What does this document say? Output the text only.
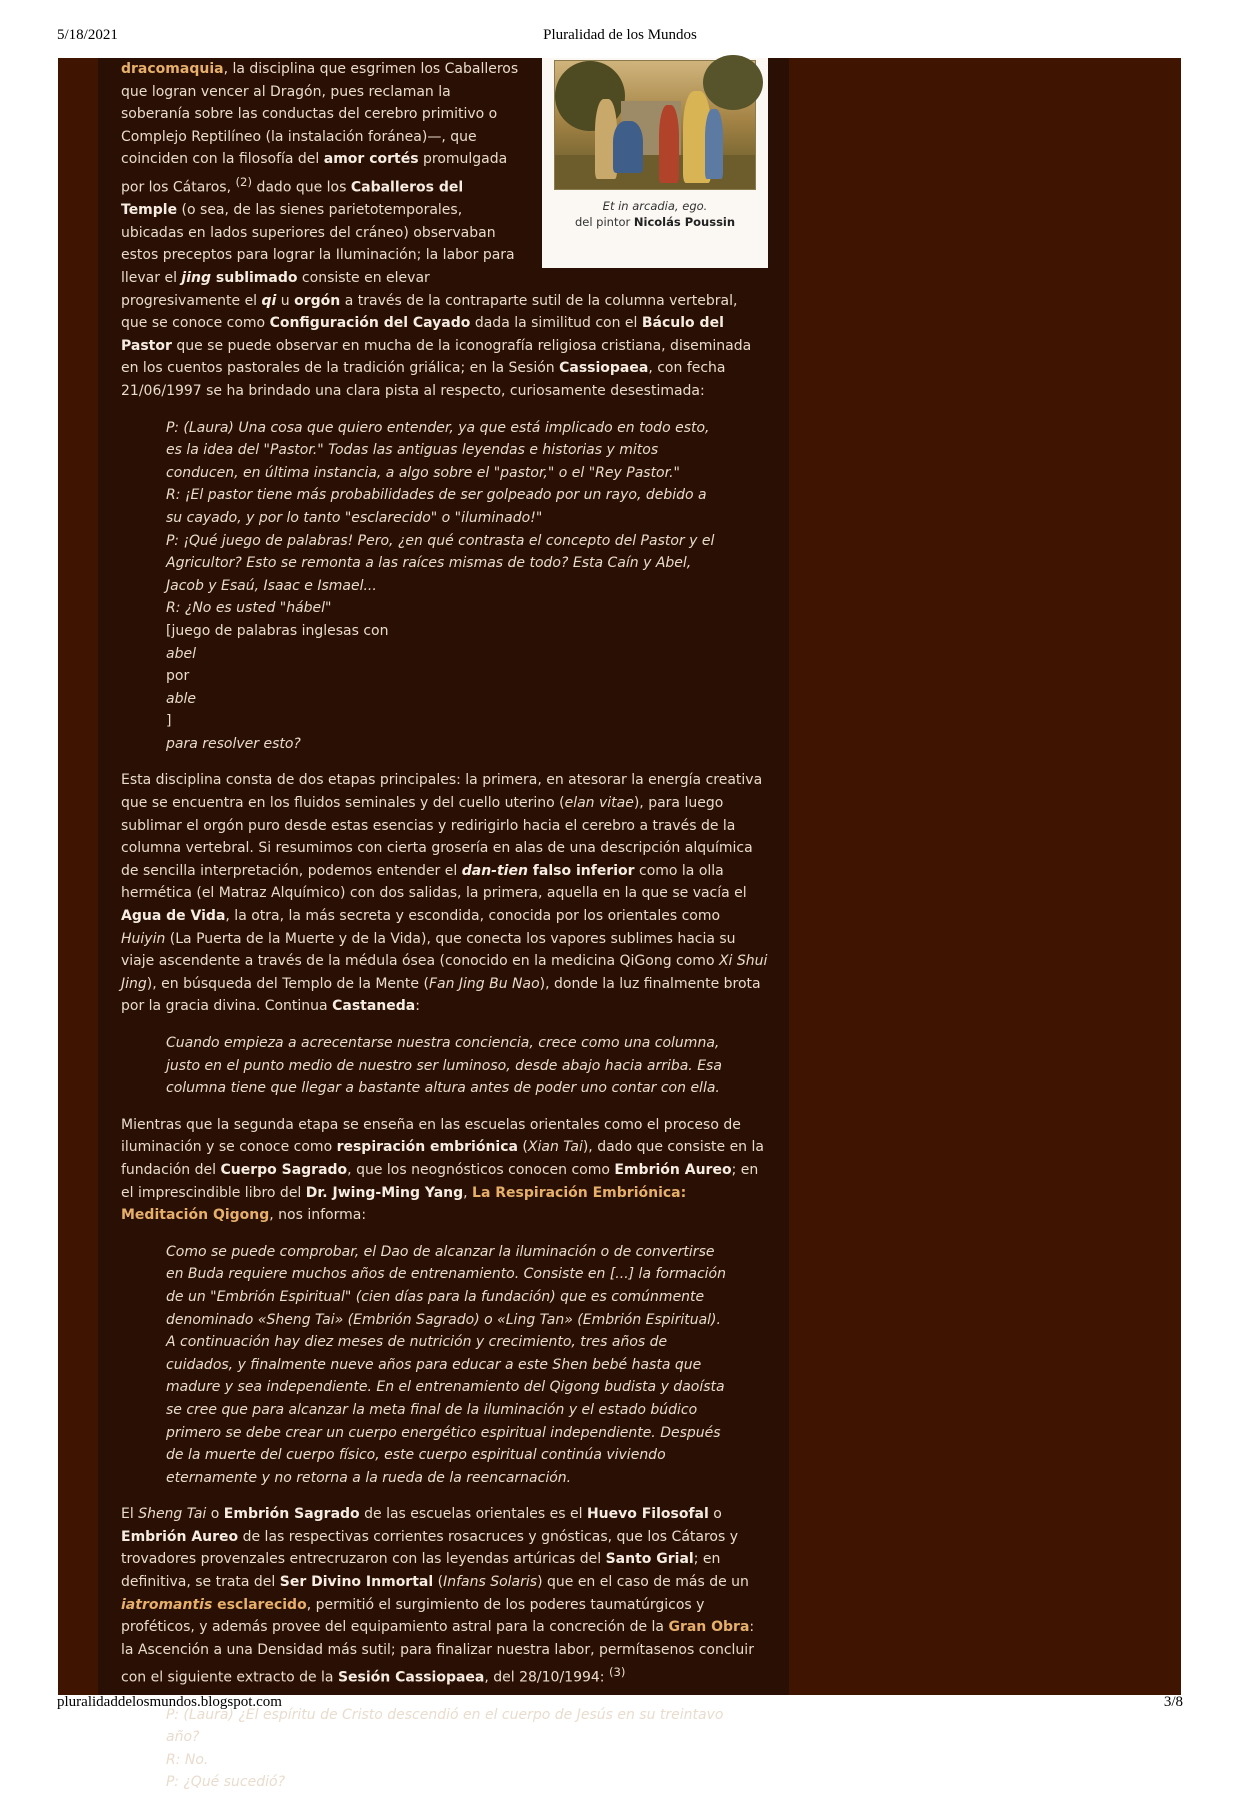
5/18/2021	Pluralidad de los Mundos
Et in arcadia, ego.
del pintor Nicolás Poussin

dracomaquia, la disciplina que esgrimen los Caballeros que logran vencer al Dragón, pues reclaman la soberanía sobre las conductas del cerebro primitivo o Complejo Reptilíneo (la instalación foránea)—, que coinciden con la filosofía del amor cortés promulgada por los Cátaros, $^{(2)}$ dado que los Caballeros del Temple (o sea, de las sienes parietotemporales, ubicadas en lados superiores del cráneo) observaban estos preceptos para lograr la Iluminación; la labor para llevar el jing sublimado consiste en elevar progresivamente el qi u orgón a través de la contraparte sutil de la columna vertebral, que se conoce como Configuración del Cayado dada la similitud con el Báculo del Pastor que se puede observar en mucha de la iconografía religiosa cristiana, diseminada en los cuentos pastorales de la tradición griálica; en la Sesión Cassiopaea, con fecha 21/06/1997 se ha brindado una clara pista al respecto, curiosamente desestimada:

P: (Laura) Una cosa que quiero entender, ya que está implicado en todo esto, es la idea del "Pastor." Todas las antiguas leyendas e historias y mitos conducen, en última instancia, a algo sobre el "pastor," o el "Rey Pastor."
R: ¡El pastor tiene más probabilidades de ser golpeado por un rayo, debido a su cayado, y por lo tanto "esclarecido" o "iluminado!"
P: ¡Qué juego de palabras! Pero, ¿en qué contrasta el concepto del Pastor y el Agricultor? Esto se remonta a las raíces mismas de todo? Esta Caín y Abel, Jacob y Esaú, Isaac e Ismael...
R: ¿No es usted "hábel"
[juego de palabras inglesas con
abel
por
able
]
para resolver esto?

Esta disciplina consta de dos etapas principales: la primera, en atesorar la energía creativa que se encuentra en los fluidos seminales y del cuello uterino (elan vitae), para luego sublimar el orgón puro desde estas esencias y redirigirlo hacia el cerebro a través de la columna vertebral. Si resumimos con cierta grosería en alas de una descripción alquímica de sencilla interpretación, podemos entender el dan-tien falso inferior como la olla hermética (el Matraz Alquímico) con dos salidas, la primera, aquella en la que se vacía el Agua de Vida, la otra, la más secreta y escondida, conocida por los orientales como Huiyin (La Puerta de la Muerte y de la Vida), que conecta los vapores sublimes hacia su viaje ascendente a través de la médula ósea (conocido en la medicina QiGong como Xi Shui Jing), en búsqueda del Templo de la Mente (Fan Jing Bu Nao), donde la luz finalmente brota por la gracia divina. Continua Castaneda:

Cuando empieza a acrecentarse nuestra conciencia, crece como una columna, justo en el punto medio de nuestro ser luminoso, desde abajo hacia arriba. Esa columna tiene que llegar a bastante altura antes de poder uno contar con ella.

Mientras que la segunda etapa se enseña en las escuelas orientales como el proceso de iluminación y se conoce como respiración embriónica (Xian Tai), dado que consiste en la fundación del Cuerpo Sagrado, que los neognósticos conocen como Embrión Aureo; en el imprescindible libro del Dr. Jwing-Ming Yang, La Respiración Embriónica: Meditación Qigong, nos informa:

Como se puede comprobar, el Dao de alcanzar la iluminación o de convertirse en Buda requiere muchos años de entrenamiento. Consiste en [...] la formación de un "Embrión Espiritual" (cien días para la fundación) que es comúnmente denominado «Sheng Tai» (Embrión Sagrado) o «Ling Tan» (Embrión Espiritual). A continuación hay diez meses de nutrición y crecimiento, tres años de cuidados, y finalmente nueve años para educar a este Shen bebé hasta que madure y sea independiente. En el entrenamiento del Qigong budista y daoísta se cree que para alcanzar la meta final de la iluminación y el estado búdico primero se debe crear un cuerpo energético espiritual independiente. Después de la muerte del cuerpo físico, este cuerpo espiritual continúa viviendo eternamente y no retorna a la rueda de la reencarnación.

El Sheng Tai o Embrión Sagrado de las escuelas orientales es el Huevo Filosofal o Embrión Aureo de las respectivas corrientes rosacruces y gnósticas, que los Cátaros y trovadores provenzales entrecruzaron con las leyendas artúricas del Santo Grial; en definitiva, se trata del Ser Divino Inmortal (Infans Solaris) que en el caso de más de un iatromantis esclarecido, permitió el surgimiento de los poderes taumatúrgicos y proféticos, y además provee del equipamiento astral para la concreción de la Gran Obra: la Ascención a una Densidad más sutil; para finalizar nuestra labor, permítasenos concluir con el siguiente extracto de la Sesión Cassiopaea, del 28/10/1994: $^{(3)}$

P: (Laura) ¿El espíritu de Cristo descendió en el cuerpo de Jesús en su treintavo año?
R: No.
P: ¿Qué sucedió?
pluralidaddelosmundos.blogspot.com	3/8
